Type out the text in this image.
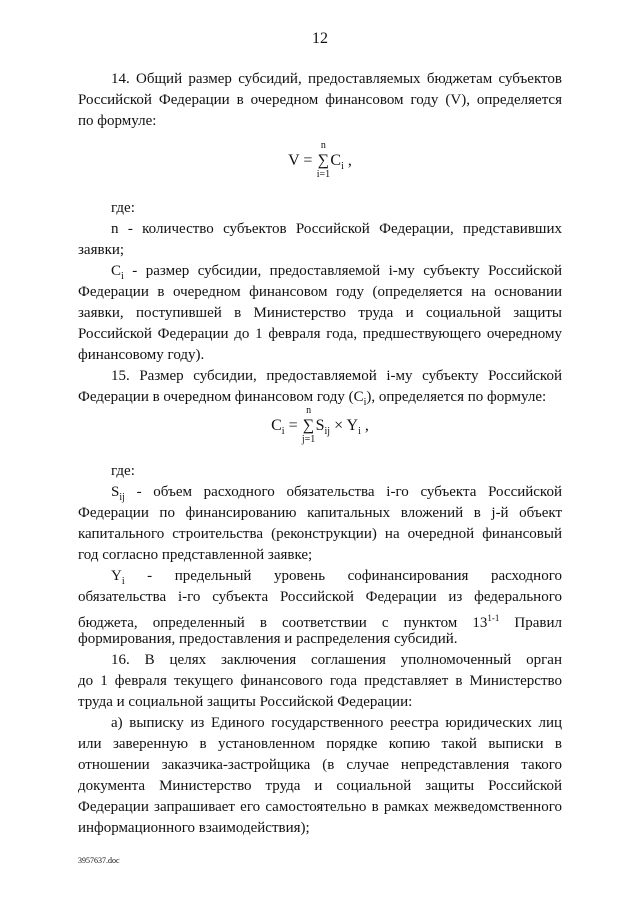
12
14. Общий размер субсидий, предоставляемых бюджетам субъектов
Российской Федерации в очередном финансовом году (V), определяется
по формуле:
V =
n
∑
i=1
$C_i$ ,
где:
n - количество субъектов Российской Федерации, представивших
заявки;
$C_i$ - размер субсидии, предоставляемой i-му субъекту Российской
Федерации в очередном финансовом году (определяется на основании
заявки, поступившей в Министерство труда и социальной защиты
Российской Федерации до 1 февраля года, предшествующего очередному
финансовому году).
15. Размер субсидии, предоставляемой i-му субъекту Российской
Федерации в очередном финансовом году $(C_i)$, определяется по формуле:
$C_i$ =
n
∑
j=1
$S_{ij} \times Y_i$ ,
где:
$S_{ij}$ - объем расходного обязательства i-го субъекта Российской
Федерации по финансированию капитальных вложений в j-й объект
капитального строительства (реконструкции) на очередной финансовый
год согласно представленной заявке;
$Y_i$ - предельный уровень софинансирования расходного
обязательства i-го субъекта Российской Федерации из федерального
бюджета, определенный в соответствии с пунктом 13$^{1-1}$ Правил
формирования, предоставления и распределения субсидий.
16. В целях заключения соглашения уполномоченный орган
до 1 февраля текущего финансового года представляет в Министерство
труда и социальной защиты Российской Федерации:
а) выписку из Единого государственного реестра юридических лиц
или заверенную в установленном порядке копию такой выписки в
отношении заказчика-застройщика (в случае непредставления такого
документа Министерство труда и социальной защиты Российской
Федерации запрашивает его самостоятельно в рамках межведомственного
информационного взаимодействия);
3957637.doc
